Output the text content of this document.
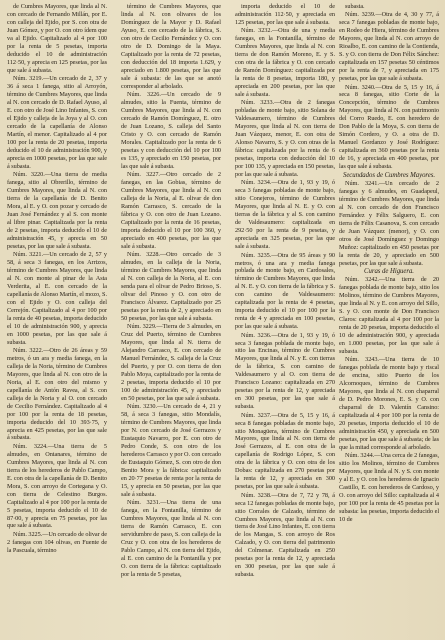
de Cumbres Mayores, que linda al N. con cercado de Fernando Millán, por E. con calleja del Ejido, por S. con otra de Juan Gómez, y por O. con otro ídem que va al Ejido. Capitalizado al 4 por 100 por la renta de 5 pesetas, importa deducido el 10 de administración 112·50, y aprecia en 125 pesetas, por las que sale á subasta.

Núm. 3219.—Un cercado de 2, 37 y 36 á seca 1 fanega, sitio al Arroyón, término de Cumbres Mayores, que linda al N. con cercado de D. Rafael Ayuso, al E. con otro de José Lino Infantes, S. con el Ejido y calleja de la Joya y al O. con cercado de la capellanía de Alonso Martín, el menor. Capitalizado al 4 por 100 por la renta de 20 pesetas, importa deducido el 10 de administración 900, y aprecia en 1000 pesetas, por las que sale á subasta.

Núm. 3220.—Una tierra de media fanega, sitio al Obrerillo, término de Cumbres Mayores, que linda al N. con tierra de la capellanía de D. Benito Mora, al E. y O. con pozar y cercado de Juan José Fernández y al S. con monte al libre pinar. Capitalizada por la renta de 2 pesetas, importa deducido el 10 de administración 45, y aprecia en 50 pesetas, por las que sale á subasta.

Núm. 3221.—Un cercado de 2, 57 y 58, á seca 3 fanegas, en los Arrizos, término de Cumbres Mayores, que linda al N. con monte al pinar de la Asta Verderita, al E. con cercado de la capellanía de Alonso Martín, el mozo, S. con el Ejido y O. con calleja del Cerrejón. Capitalizado al 4 por 100 por la renta de 40 pesetas, importa deducido el 10 de administración 900, y aprecia en 1000 pesetas, por las que sale á subasta.

Núm. 3222.—Otro de 26 áreas y 59 metros, ó un ara y media fanega, en la calleja de la Noria, término de Cumbres Mayores, que linda al N. con otro de la Noria, al E. con otro del mismo y capellanía de Antón Ravea, al S. con calleja de la Noria y al O. con cercado de Cecilio Fernández. Capitalizado al 4 por 100 por la renta de 18 pesetas, importa deducido del 10 393·75, y aprecia en 425 pesetas, por las que sale á subasta.

Núm. 3224.—Una tierra de 5 almudes, en Ontanares, término de Cumbres Mayores, que linda al N. con tierra de los herederos de Pablo Campo, E. con otra de la capellanía de D. Benito Mora, S. con arroyo de Cortegana y O. con tierra de Celestino Burgos. Capitalizado al 4 por 100 por la renta de 5 pesetas, importa deducido el 10 de 87·00, y aprecia en 75 pesetas, por las que sale á subasta.

Núm. 3225.—Un cercado de olivar de 2 fanegas con 104 olivas, en Fuente de la Pascuala, término

término de Cumbres Mayores, que linda al N. con olivares de los Domínguez de la Mayor y D. Rafael Ayuso, E. con cercado de la fábrica, S. con otro de Cecilio Fernández y O. con otro de D. Domingo de la Maya. Capitalizado por la renta de 72 pesetas, con deducción del 18 importa 1.629, y apreciado en 1.800 pesetas, por las que sale á subasta: de las que se anotó corresponder al arbolado.

Núm. 3226.—Un cercado de 9 almudes, sitio la Fuenta, término de Cumbres Mayores, que linda al N. con cercado de Ramón Domínguez, E. otro de Juan Lozano, S. calleja del Santo Cristo y O. con cercado de Ramón Morales. Capitalizado por la renta de 6 pesetas y con deducción del 10 por 100 es 135, y apreciado en 150 pesetas, por las que sale á subasta.

Núm. 3227.—Otro cercado de 2 fanegas, en las Gobias, término de Cumbres Mayores, que linda al N. con calleja de la Noria, al E. olivar de don Ramón Carrasco, S. cercado de la fábrica y O. con otro de Juan Lozano. Capitalizado por la renta de 16 pesetas, importa deducido el 10 por 100 360, y apreciado en 400 pesetas, por las que sale á subasta.

Núm. 3228.—Otro cercado de 3 almudes, en la calleja de la Noria, término de Cumbres Mayores, que linda al N. con calleja de la Noria, al E. con senda para el olivar de Pedro Brioso, S. olivar del Pinoso y O. con otro de Francisco Álvarez. Capitalizado por 25 pesetas por la renta de 2, y apreciado en 50 pesetas, por las que sale á subasta.

Núm. 3229.—Tierra de 3 almudes, en Cruz del Puerto, término de Cumbres Mayores, que linda al N. tierra de Alejandro Carrasco, E. con cercado de Manuel Fernández, S. calleja de la Cruz del Puerto, y por O. con tierra de don Pablo Moya, capitalizado por la renta de 2 pesetas, importa deducido el 10 por 100 de administración 45, y apreciado en 50 pesetas, por las que sale á subasta.

Núm. 3230.—Un cercado de 4, 21 y 58, á seca 3 fanegas, sitio Mondalís, término de Cumbres Mayores, que linda por N. con cercado de José Gerrazos y Eustaquio Navarro, por E. con otro de Pedro Conde, S. con otro de los herederos Carrasco y por O. con cercado de Eustaquio Gómez, S. con otro de don Benito Mora y la fábrica: capitalizado en 20·77 pesetas de renta por la renta de 15, y aprecia en 50 pesetas, por las que sale á subasta.

Núm. 3231.—Una tierra de una fanega, en la Fontanilla, término de Cumbres Mayores, que linda al N. con tierra de Ramón Carrasco, E. con servidumbre de paso, S. con calleja de la Cruz y O. con otra de los herederos de Pablo Campo, al N. con tierra del Ejido, al E. con camino de la Fontanilla y por O. con tierra de la fábrica: capitalizado por la renta de 5 pesetas,

importa deducido el 10 de administración 112·50, y apreciada en 125 pesetas, por las que sale á subasta.

Núm. 3232.—Otra de una y media fanegas, en la Fontanilla, término de Cumbres Mayores, que linda al N. con tierra de don Ramón Moreno, E. y S. con otra de la fábrica y O. con cercado de Ramón Domínguez: capitalizada por la renta de 8 pesetas, importa 180, y apreciada en 200 pesetas, por las que sale á subasta.

Núm. 3233.—Otra de 2 fanegas pobladas de monte bajo, sitio Solana de Valdesaumero, término de Cumbres Mayores, que linda al N. con tierra de Juan Vázquez, menor, E. con otra de Alonso Navarro, S. y O. con otras de la fábrica: capitalizada por la renta de 6 pesetas, importa con deducción del 10 por 100 135, y apreciada en 150 pesetas, por las que sale á subasta.

Núm. 3234.—Otra de 1, 93 y 19, ó seca 3 fanegas pobladas de monte bajo, sitio Conejeros, término de Cumbres Mayores, que linda al N. E. y O. con tierras de la fábrica y al S. con camino de Valdesaumero: capitalizada en 292·50 por la renta de 9 pesetas, y apreciada en 325 pesetas, por las que sale á subasta.

Núm. 3235.—Otra de 95 áreas y 90 metros, ó una ara y media fanega poblada de monte bajo, en Cardosales, término de Cumbres Mayores, que linda al N. E. y O. con tierra de la fábrica y S. con camino de Valdesaumero: capitalizada por la renta de 4 pesetas, importa deducido el 10 por 100 por la renta de 4 y apreciada en 100 pesetas, por las que sale á subasta.

Núm. 3236.—Otra de 1, 93 y 19, ó seca 3 fanegas poblada de monte bajo, sitio las Encinas, término de Cumbres Mayores, que linda al N. y E. con tierras de la fábrica, S. con camino de Valdesaumero y al O. con tierra de Francisco Lozano: capitalizada en 270 pesetas por la renta de 12, y apreciada en 300 pesetas, por las que sale á subasta.

Núm. 3237.—Otra de 5, 15 y 16, á seca 8 fanegas pobladas de monte bajo, sitio Monagüera, término de Cumbres Mayores, que linda al N. con tierra de José Gerrazos, al E. con otra de la capellanía de Rodrigo López, S. con otra de la fábrica y O. con otra de los Dobas: capitalizada en 270 pesetas por la renta de 12, y apreciada en 300 pesetas, por las que sale á subasta.

Núm. 3238.—Otra de 7, 72 y 78, á seca 12 fanegas pobladas de monte bajo, sitio Corrales de Calzado, término de Cumbres Mayores, que linda al N. con tierra de José Lino Infantes, E. con tierra de los Mangas, S. con arroyo de Ros Calzado, y O. con tierra del patrimonio del Colmenar. Capitalizada en 250 pesetas por la renta de 12, y apreciada en 300 pesetas, por las que sale á subasta.

subasta.

Núm. 3239.—Otra de 4, 30 y 77, á seca 7 fanegas pobladas de monte bajo, en Rodeo de Hiera, término de Cumbres Mayores, que linda al N. con arroyo de Rioalbo, E. con camino de la Contienda, S. y O. con tierra de Don Félix Sánchez: capitalizada en 157 pesetas 50 céntimos por la renta de 7, y apreciada en 175 pesetas, por las que sale á subasta.

Núm. 3240.—Otra de 5, 15 y 16, á seca 8 fanegas, sitio Corte de la Concepción, término de Cumbres Mayores, que linda al N. con patrimonio del Corro Ruedo, E. con heredero de Don Pablo de la Moya, S. con tierra de Simón Cordero, y O. a otra de D. Manuel Gordanzo y José Rodríguez: capitalizada en 360 pesetas por la renta de 16, y apreciada en 400 pesetas, por las que sale á subasta.

Secundados de Cumbres Mayores.

Núm. 3241.—Un cercado de 2 fanegas y 6 almudes, en Guadapeul, término de Cumbres Mayores, que linda al N. con cercado de don Francisco Fernández y Félix Salguero, E. con tierra de Félix Casanova, S. con cercado de Juan Vázquez (menor), y O. con otros de José Domínguez y Domingo Muñoz: capitalizado en 450 pesetas por la renta de 20, y apreciado en 500 pesetas, por las que sale á subasta.

Curas de Higuera.

Núm. 3242.—Una tierra de 20 fanegas poblada de monte bajo, sitio los Molinos, término de Cumbres Mayores, que linda al N. y E. con arroyo del Sillo, S. y O. con monte de Don Francisco Claros: capitalizada al 4 por 100 por la renta de 20 pesetas, importa deducido el 10 de administración 900, y apreciada en 1.000 pesetas, por las que sale á subasta.

Núm. 3243.—Una tierra de 10 fanegas poblada de monte bajo y riscal de encina, sitio Puerto de los Alcornoques, término de Cumbres Mayores, que linda al N. con chaparral de D. Pedro Morones, E. S. y O. con chaparral de D. Valentín Cansino: capitalizada al 4 por 100 por la renta de 20 pesetas, importa deducido el 10 de administración 450, y apreciada en 500 pesetas, por las que sale á subasta; de las que la mitad corresponde al arbolado.

Núm. 3244.—Una cerca de 2 fanegas, sitio los Molinos, término de Cumbres Mayores, que linda al N. y S. con monte y al E. y O. con los herederos de Ignacio Castillo, E. con herederos de Cardoso, y O. con arroyo del Sillo: capitalizada al 4 por 100 por la renta de 45 pesetas por la subasta: las pesetas, importa deducido el 10 de
